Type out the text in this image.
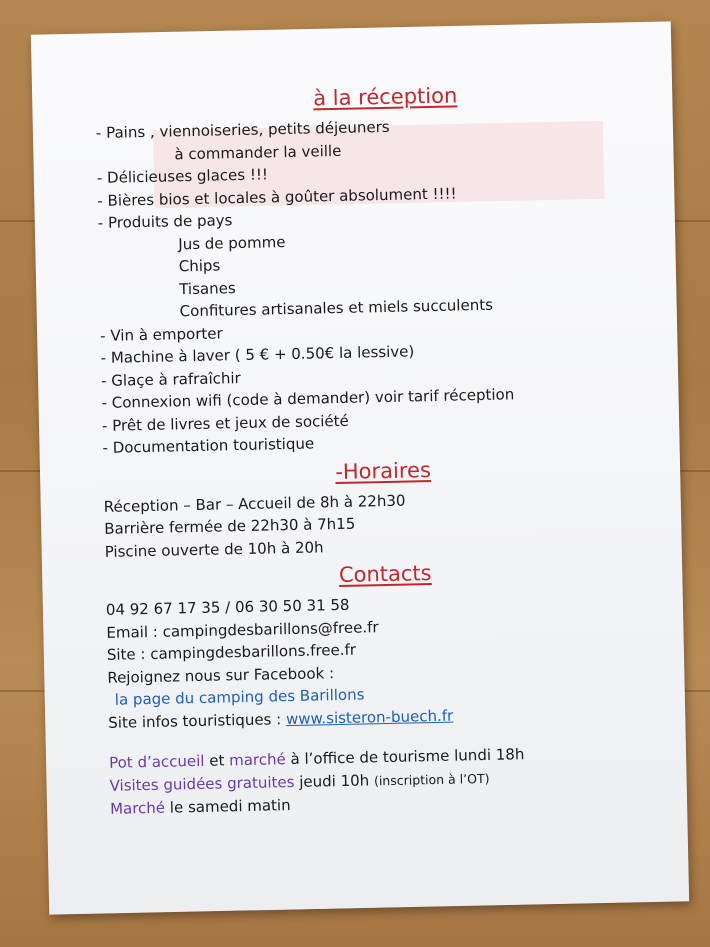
à la réception

- Pains , viennoiseries, petits déjeuners

à commander la veille

- Délicieuses glaces !!!

- Bières bios et locales à goûter absolument !!!!

- Produits de pays

Jus de pomme

Chips

Tisanes

Confitures artisanales et miels succulents

- Vin à emporter

- Machine à laver ( 5 € + 0.50€ la lessive)

- Glaçe à rafraîchir

- Connexion wifi (code à demander) voir tarif réception

- Prêt de livres et jeux de société

- Documentation touristique

-Horaires

Réception – Bar – Accueil de 8h à 22h30

Barrière fermée de 22h30 à 7h15

Piscine ouverte de 10h à 20h

Contacts

04 92 67 17 35 / 06 30 50 31 58

Email : campingdesbarillons@free.fr

Site : campingdesbarillons.free.fr

Rejoignez nous sur Facebook :

la page du camping des Barillons

Site infos touristiques : www.sisteron-buech.fr

Pot d’accueil et marché à l’office de tourisme lundi 18h

Visites guidées gratuites jeudi 10h (inscription à l’OT)

Marché le samedi matin
